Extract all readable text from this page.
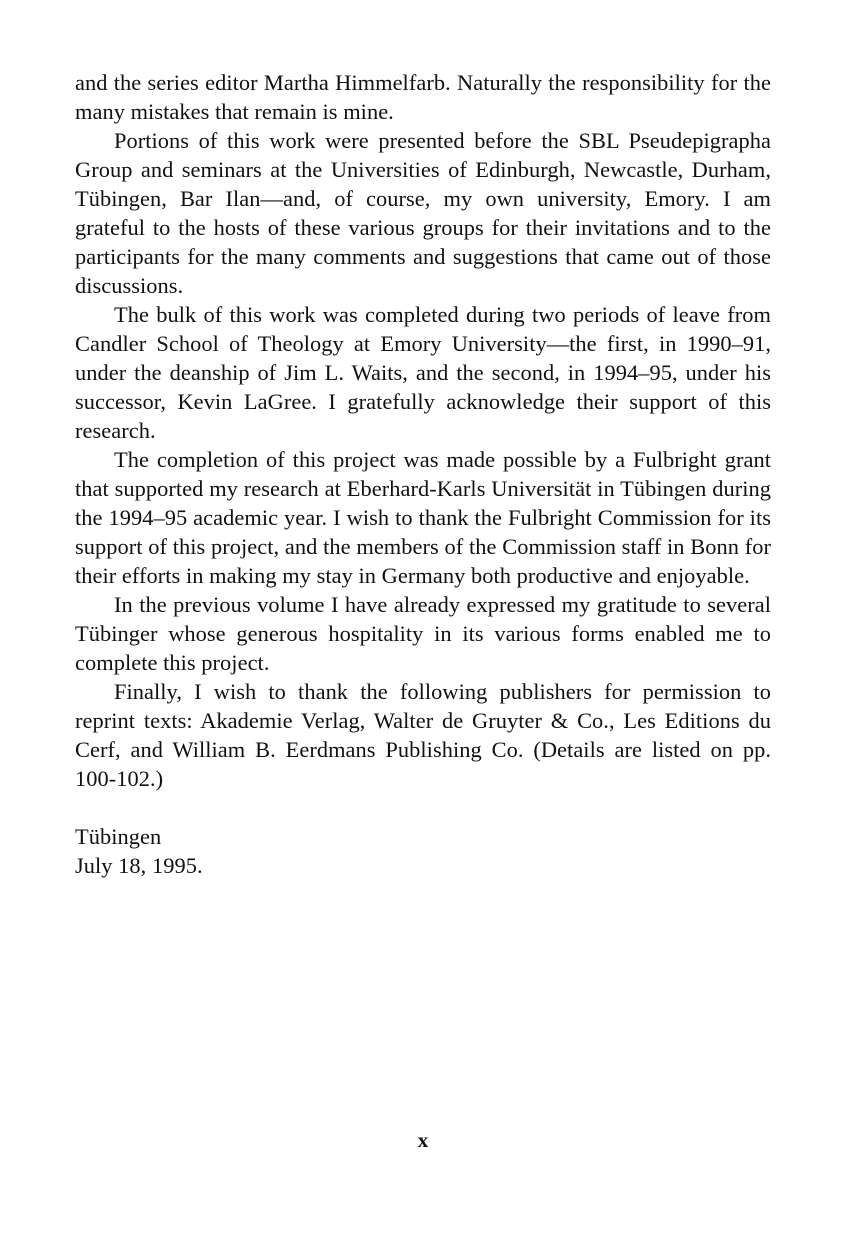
and the series editor Martha Himmelfarb. Naturally the responsibility for the many mistakes that remain is mine.

Portions of this work were presented before the SBL Pseudepigrapha Group and seminars at the Universities of Edinburgh, Newcastle, Durham, Tübingen, Bar Ilan—and, of course, my own university, Emory. I am grateful to the hosts of these various groups for their invitations and to the participants for the many comments and suggestions that came out of those discussions.

The bulk of this work was completed during two periods of leave from Candler School of Theology at Emory University—the first, in 1990–91, under the deanship of Jim L. Waits, and the second, in 1994–95, under his successor, Kevin LaGree. I gratefully acknowledge their support of this research.

The completion of this project was made possible by a Fulbright grant that supported my research at Eberhard-Karls Universität in Tübingen during the 1994–95 academic year. I wish to thank the Fulbright Commission for its support of this project, and the members of the Commission staff in Bonn for their efforts in making my stay in Germany both productive and enjoyable.

In the previous volume I have already expressed my gratitude to several Tübinger whose generous hospitality in its various forms enabled me to complete this project.

Finally, I wish to thank the following publishers for permission to reprint texts: Akademie Verlag, Walter de Gruyter & Co., Les Editions du Cerf, and William B. Eerdmans Publishing Co. (Details are listed on pp. 100-102.)

Tübingen
July 18, 1995.
x
